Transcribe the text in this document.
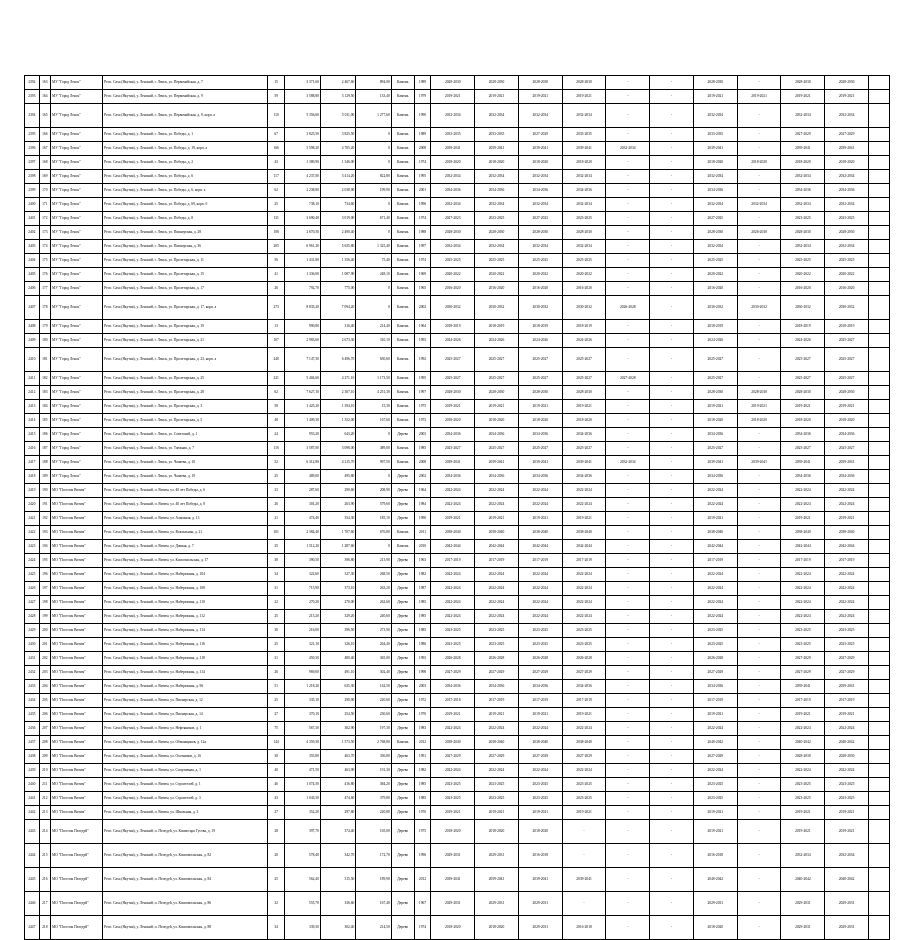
2392	163	МУ "Город Ленск"	Респ. Саха (Якутия), у. Ленский, г. Ленск, ул. Первомайская, д. 7	15	3 371,60	2 467,60	894,00	Камень	1989	2028-2030	2028-2030	2028-2030	2028-2030	-	-	2028-2030	-	2028-2030	2028-2030	
2393	164	МУ "Город Ленск"	Респ. Саха (Якутия), у. Ленский, г. Ленск, ул. Первомайская, д. 9	59	3 588,80	3 129,50	133,40	Камень	1979	2019-2021	2019-2021	2019-2021	2019-2021	-	-	2019-2021	2019-2021	2019-2021	2019-2021	
2394	165	МУ "Город Ленск"	Респ. Саха (Якутия), у. Ленский, г. Ленск, ул. Первомайская, д. 9, корп. а	110	5 356,60	5 011,00	1 277,60	Камень	1990	2032-2034	2032-2034	2032-2034	2032-2034	-	-	2032-2034	-	2032-2034	2032-2034	
2395	166	МУ "Город Ленск"	Респ. Саха (Якутия), у. Ленский, г. Ленск, ул. Победы, д. 1	67	3 825,50	3 825,50	0	Камень	1989	2033-2035	2033-2035	2027-2029	2033-2035	-	-	2033-2035	-	2027-2029	2027-2029	
2396	167	МУ "Город Ленск"	Респ. Саха (Якутия), у. Ленский, г. Ленск, ул. Победы, д. 19, корп. а	166	5 598,20	4 705,20	0	Камень	2008	2039-2041	2039-2041	2039-2041	2039-2041	2032-2034	-	2039-2041	-	2039-2041	2039-2041	
2397	168	МУ "Город Ленск"	Респ. Саха (Якутия), у. Ленский, г. Ленск, ул. Победы, д. 2	43	1 380,90	1 346,00	0	Камень	1974	2018-2020	2018-2020	2018-2020	2018-2020	-	-	2018-2020	2018-2020	2018-2020	2018-2020	
2398	169	МУ "Город Ленск"	Респ. Саха (Якутия), у. Ленский, г. Ленск, ул. Победы, д. 6	117	4 237,00	3 414,20	822,80	Камень	1995	2032-2034	2032-2034	2032-2034	2032-2034	-	-	2032-2034	-	2032-2034	2032-2034	
2399	170	МУ "Город Ленск"	Респ. Саха (Якутия), у. Ленский, г. Ленск, ул. Победы, д. 6, корп. а	62	2 238,80	2 038,90	199,90	Камень	2001	2034-2036	2034-2036	2034-2036	2034-2036	-	-	2034-2036	-	2034-2036	2034-2036	
2400	171	МУ "Город Ленск"	Респ. Саха (Якутия), у. Ленский, г. Ленск, ул. Победы, д. 69, корп. б	25	738,10	734,60	0	Камень	1996	2032-2034	2032-2034	2032-2034	2032-2034	-	-	2032-2034	2032-2034	2032-2034	2032-2034	
2401	172	МУ "Город Ленск"	Респ. Саха (Якутия), у. Ленский, г. Ленск, ул. Победы, д. 8	131	3 690,40	3 019,00	671,40	Камень	1974	2027-2023	2023-2025	2027-2023	2023-2025	-	-	2027-2025	-	2023-2025	2023-2025	
2402	173	МУ "Город Ленск"	Респ. Саха (Якутия), у. Ленский, г. Ленск, ул. Пионерская, д. 28	108	2 670,50	2 490,40	0	Камень	1988	2028-2030	2028-2030	2028-2030	2028-2030	-	-	2028-2030	2026-2030	2028-2030	2028-2030	
2403	174	МУ "Город Ленск"	Респ. Саха (Якутия), у. Ленский, г. Ленск, ул. Пионерская, д. 36	205	6 961,20	5 635,80	1 325,40	Камень	1997	2032-2034	2032-2034	2032-2034	2032-2034	-	-	2032-2034	-	2032-2034	2032-2034	
2404	175	МУ "Город Ленск"	Респ. Саха (Якутия), у. Ленский, г. Ленск, ул. Пролетарская, д. 11	56	1 431,80	1 356,40	75,40	Камень	1974	2025-2025	2025-2025	2025-2025	2025-2025	-	-	2025-2025	-	2025-2025	2025-2025	
2405	176	МУ "Город Ленск"	Респ. Саха (Якутия), у. Ленский, г. Ленск, ул. Пролетарская, д. 15	41	1 336,00	1 087,90	248,10	Камень	1969	2020-2022	2020-2022	2020-2022	2020-2022	-	-	2020-2022	-	2020-2022	2020-2022	
2406	177	МУ "Город Ленск"	Респ. Саха (Якутия), у. Ленский, г. Ленск, ул. Пролетарская, д. 17	26	792,70	775,00	0	Камень	1965	2016-2020	2016-2020	2016-2020	2016-2020	-	-	2016-2020	-	2016-2020	2016-2020	
2407	178	МУ "Город Ленск"	Респ. Саха (Якутия), у. Ленский, г. Ленск, ул. Пролетарская, д. 17, корп. а	273	8 835,20	7 094,20	0	Камень	2002	2030-2032	2030-2032	2030-2032	2030-2032	2026-2028	-	2030-2032	2030-2032	2030-2032	2030-2032	
2408	179	МУ "Город Ленск"	Респ. Саха (Якутия), у. Ленский, г. Ленск, ул. Пролетарская, д. 19	13	990,80	316,40	214,40	Камень	1964	2018-2019	2018-2019	2018-2019	2018-2019	-	-	2018-2019	-	2018-2019	2018-2019	
2409	180	МУ "Город Ленск"	Респ. Саха (Якутия), у. Ленский, г. Ленск, ул. Пролетарская, д. 21	107	2 983,60	2 673,30	310,10	Камень	1993	2024-2026	2024-2026	2024-2026	2024-2026	-	-	2024-2026	-	2024-2026	2025-2027	
2410	181	МУ "Город Ленск"	Респ. Саха (Якутия), у. Ленский, г. Ленск, ул. Пролетарская, д. 23, корп. а	240	7 147,50	6 496,70	650,60	Камень	1992	2025-2027	2025-2027	2025-2027	2025-2027	-	-	2025-2027	-	2025-2027	2025-2027	
2411	182	МУ "Город Ленск"	Респ. Саха (Якутия), у. Ленский, г. Ленск, ул. Пролетарская, д. 25	221	5 404,60	4 271,10	1 173,50	Камень	1995	2025-2027	2025-2027	2025-2027	2025-2027	2027-2028	-	2025-2027	-	2025-2027	2025-2027	
2412	183	МУ "Город Ленск"	Респ. Саха (Якутия), у. Ленский, г. Ленск, ул. Пролетарская, д. 28	62	7 627,10	2 307,10	4 251,30	Камень	1997	2028-2030	2028-2030	2028-2030	2028-2030	-	-	2028-2030	2028-2030	2028-2030	2028-2030	
2413	184	МУ "Город Ленск"	Респ. Саха (Якутия), у. Ленский, г. Ленск, ул. Пролетарская, д. 3	58	1 425,20	1 394,10	15,30	Камень	1975	2019-2021	2019-2021	2019-2021	2019-2021	-	-	2019-2021	2019-2021	2019-2021	2019-2021	
2414	185	МУ "Город Ленск"	Респ. Саха (Якутия), у. Ленский, г. Ленск, ул. Пролетарская, д. 5	48	1 409,30	1 352,00	167,60	Камень	1973	2018-2020	2018-2020	2018-2020	2018-2020	-	-	2018-2020	2018-2020	2018-2020	2018-2020	
2415	186	МУ "Город Ленск"	Респ. Саха (Якутия), у. Ленский, г. Ленск, ул. Советский, д. 1	24	953,20	643,20	0	Дерево	2003	2034-2036	2034-2036	2034-2036	2034-2036	-	-	2034-2036	-	2034-2036	2034-2036	
2416	187	МУ "Город Ленск"	Респ. Саха (Якутия), у. Ленский, г. Ленск, ул. Таежная, д. 7	116	3 587,00	3 098,00	489,00	Камень	1985	2025-2027	2025-2027	2025-2027	2025-2027	-	-	2025-2027	-	2025-2027	2025-2027	
2417	188	МУ "Город Ленск"	Респ. Саха (Якутия), у. Ленский, г. Ленск, ул. Чапаева, д. 10	52	6 312,80	4 215,70	997,50	Камень	2008	2039-2041	2039-2041	2039-2041	2039-2041	2032-2034	-	2039-2041	2039-2041	2039-2041	2039-2041	
2418	189	МУ "Город Ленск"	Респ. Саха (Якутия), у. Ленский, г. Ленск, ул. Чапаева, д. 19	25	489,00	495,80	0	Дерево	2002	2034-2036	2034-2036	2034-2036	2034-2036	-	-	2034-2036	-	2034-2036	2034-2036	
2419	190	МО "Поселок Витим"	Респ. Саха (Якутия), у. Ленский, п. Витим, ул. 40 лет Победы, д. 6	23	287,60	290,60	208,90	Дерево	1964	2022-2024	2022-2024	2022-2024	2022-2024	-	-	2022-2024	-	2022-2024	2022-2024	
2420	191	МО "Поселок Витим"	Респ. Саха (Якутия), у. Ленский, п. Витим, ул. 40 лет Победы, д. 8	26	301,20	263,90	579,60	Дерево	1984	2022-2024	2022-2024	2022-2024	2022-2024	-	-	2022-2024	-	2022-2024	2022-2024	
2421	192	МО "Поселок Витим"	Респ. Саха (Якутия), у. Ленский, п. Витим, ул. Алмазная, д. 13	21	474,40	354,30	185,10	Дерево	1990	2019-2021	2019-2021	2019-2021	2019-2021	-	-	2019-2021	-	2019-2021	2019-2021	
2422	193	МО "Поселок Витим"	Респ. Саха (Якутия), у. Ленский, п. Витим, ул. Вокзальная, д. 21	101	2 384,40	1 707,60	676,80	Камень	2011	2038-2040	2038-2040	2038-2040	2038-2040	-	-	2038-2040	-	2038-2040	2038-2040	
2423	194	МО "Поселок Витим"	Респ. Саха (Якутия), у. Ленский, п. Витим, ул. Дачная, д. 7	25	1 512,20	1 287,60	0	Камень	2010	2042-2044	2042-2044	2042-2044	2042-2044	-	-	2042-2044	-	2042-2044	2042-2044	
2424	195	МО "Поселок Витим"	Респ. Саха (Якутия), у. Ленский, п. Витим, ул. Комсомольская, д. 17	38	390,50	396,80	213,90	Дерево	1963	2017-2019	2017-2019	2017-2019	2017-2019	-	-	2017-2019	-	2017-2019	2017-2019	
2425	196	МО "Поселок Витим"	Респ. Саха (Якутия), у. Ленский, п. Витим, ул. Набережная, д. 104	34	322,60	327,30	268,50	Дерево	1982	2022-2024	2022-2024	2022-2024	2022-2024	-	-	2022-2024	-	2022-2024	2022-2024	
2426	197	МО "Поселок Витим"	Респ. Саха (Якутия), у. Ленский, п. Витим, ул. Набережная, д. 108	31	715,90	373,10	263,20	Дерево	1987	2022-2024	2022-2024	2022-2024	2022-2024	-	-	2022-2024	-	2022-2024	2022-2024	
2427	198	МО "Поселок Витим"	Респ. Саха (Якутия), у. Ленский, п. Витим, ул. Набережная, д. 110	22	270,20	270,00	262,60	Дерево	1985	2022-2024	2022-2024	2022-2024	2022-2024	-	-	2022-2024	-	2022-2024	2022-2024	
2428	199	МО "Поселок Витим"	Респ. Саха (Якутия), у. Ленский, п. Витим, ул. Набережная, д. 112	25	215,20	329,20	240,60	Дерево	1985	2022-2024	2022-2024	2022-2024	2022-2024	-	-	2022-2024	-	2022-2024	2022-2024	
2429	200	МО "Поселок Витим"	Респ. Саха (Якутия), у. Ленский, п. Витим, ул. Набережная, д. 114	30	216,00	396,50	273,90	Дерево	1985	2023-2025	2023-2025	2023-2025	2023-2025	-	-	2023-2025	-	2023-2025	2023-2025	
2430	201	МО "Поселок Витим"	Респ. Саха (Якутия), у. Ленский, п. Витим, ул. Набережная, д. 116	25	321,10	326,10	264,40	Дерево	1986	2023-2025	2023-2025	2023-2025	2023-2025	-	-	2023-2025	-	2023-2025	2023-2025	
2431	202	МО "Поселок Витим"	Респ. Саха (Якутия), у. Ленский, п. Витим, ул. Набережная, д. 118	31	450,30	480,40	365,00	Дерево	1993	2026-2028	2026-2028	2026-2028	2026-2028	-	-	2026-2028	-	2027-2029	2027-2029	
2432	203	МО "Поселок Витим"	Респ. Саха (Якутия), у. Ленский, п. Витим, ул. Набережная, д. 114	26	969,00	491,10	302,40	Дерево	1998	2027-2029	2027-2029	2027-2029	2027-2029	-	-	2027-2029	-	2027-2029	2027-2029	
2433	204	МО "Поселок Витим"	Респ. Саха (Якутия), у. Ленский, п. Витим, ул. Набережная, д. 96	51	1 218,20	635,30	162,50	Дерево	2003	2034-2036	2034-2036	2034-2036	2034-2036	-	-	2034-2036	-	2039-2041	2039-2041	
2434	205	МО "Поселок Витим"	Респ. Саха (Якутия), у. Ленский, п. Витим, ул. Пионерская, д. 12	25	335,10	290,90	220,60	Дерево	1972	2017-2018	2017-2019	2017-2019	2017-2019	-	-	2017-2019	-	2017-2019	2017-2019	
2435	206	МО "Поселок Витим"	Респ. Саха (Якутия), у. Ленский, п. Витим, ул. Пионерская, д. 14	27	370,10	254,50	230,60	Дерево	1976	2019-2021	2019-2021	2019-2021	2019-2021	-	-	2019-2021	-	2019-2021	2019-2021	
2436	207	МО "Поселок Витим"	Респ. Саха (Якутия), у. Ленский, п. Витим, ул. Нефтяников, д. 1	75	567,30	302,90	197,30	Дерево	1983	2022-2024	2022-2024	2022-2024	2022-2024	-	-	2022-2024	-	2022-2024	2022-2024	
2437	208	МО "Поселок Витим"	Респ. Саха (Якутия), у. Ленский, п. Витим, ул. Обманщиков, д. 12а	144	4 359,30	1 573,50	2 768,80	Камень	2012	2038-2040	2038-2040	2038-2040	2038-2040	-	-	2040-2042	-	2040-2042	2040-2042	
2438	209	МО "Поселок Витим"	Респ. Саха (Якутия), у. Ленский, п. Витим, ул. Охотников, д. 16	30	355,80	463,70	356,80	Дерево	1991	2027-2029	2027-2029	2027-2029	2027-2029	-	-	2027-2029	-	2028-2030	2028-2030	
2439	210	МО "Поселок Витим"	Респ. Саха (Якутия), у. Ленский, п. Витим, ул. Спортивная, д. 1	40	471,50	463,90	191,30	Дерево	1982	2022-2024	2022-2024	2022-2024	2022-2024	-	-	2022-2024	-	2022-2024	2022-2024	
2440	211	МО "Поселок Витим"	Респ. Саха (Якутия), у. Ленский, п. Витим, ул. Строителей, д. 1	46	1 074,50	416,80	384,20	Дерево	1985	2023-2025	2023-2025	2023-2025	2023-2025	-	-	2023-2025	-	2023-2025	2023-2025	
2441	212	МО "Поселок Витим"	Респ. Саха (Якутия), у. Ленский, п. Витим, ул. Строителей, д. 3	43	1 043,50	474,60	379,80	Дерево	1985	2023-2025	2023-2025	2023-2025	2023-2025	-	-	2023-2025	-	2023-2025	2023-2025	
2442	213	МО "Поселок Витим"	Респ. Саха (Якутия), у. Ленский, п. Витим, ул. Школьная, д. 3	27	352,20	297,80	220,80	Дерево	1976	2019-2021	2019-2021	2019-2021	2019-2021	-	-	2019-2021	-	2019-2021	2019-2021	
2443	214	МО "Поселок Пеледуй"	Респ. Саха (Якутия), у. Ленский, п. Пеледуй, ул. Комиссара Гусева, д. 19	28	397,70	374,40	165,00	Дерево	1975	2018-2020	2018-2020	2018-2020	-	-	-	2019-2021	-	2019-2021	2019-2021	
2444	215	МО "Поселок Пеледуй"	Респ. Саха (Якутия), у. Ленский, п. Пеледуй, ул. Комсомольская, д. 82	20	578,40	342,70	172,70	Дерево	1996	2029-2031	2029-2031	2016-2018	-	-	-	2016-2018	-	2032-2034	2032-2034	
2445	216	МО "Поселок Пеледуй"	Респ. Саха (Якутия), у. Ленский, п. Пеледуй, ул. Комсомольская, д. 84	25	562,40	315,50	189,90	Дерево	2012	2039-2041	2039-2041	2039-2041	2039-2041	-	-	2040-2042	-	2040-2042	2040-2042	
2446	217	МО "Поселок Пеледуй"	Респ. Саха (Якутия), у. Ленский, п. Пеледуй, ул. Комсомольская, д. 86	32	555,70	336,60	167,40	Дерево	1967	2029-2031	2029-2031	2029-2031	-	-	-	2029-2031	-	2029-2031	2029-2031	
2447	218	МО "Поселок Пеледуй"	Респ. Саха (Якутия), у. Ленский, п. Пеледуй, ул. Комсомольская, д. 88	34	339,30	302,40	214,50	Дерево	1974	2018-2020	2018-2020	2029-2031	2016-2018	-	-	2018-2020	-	2029-2031	2029-2031	
